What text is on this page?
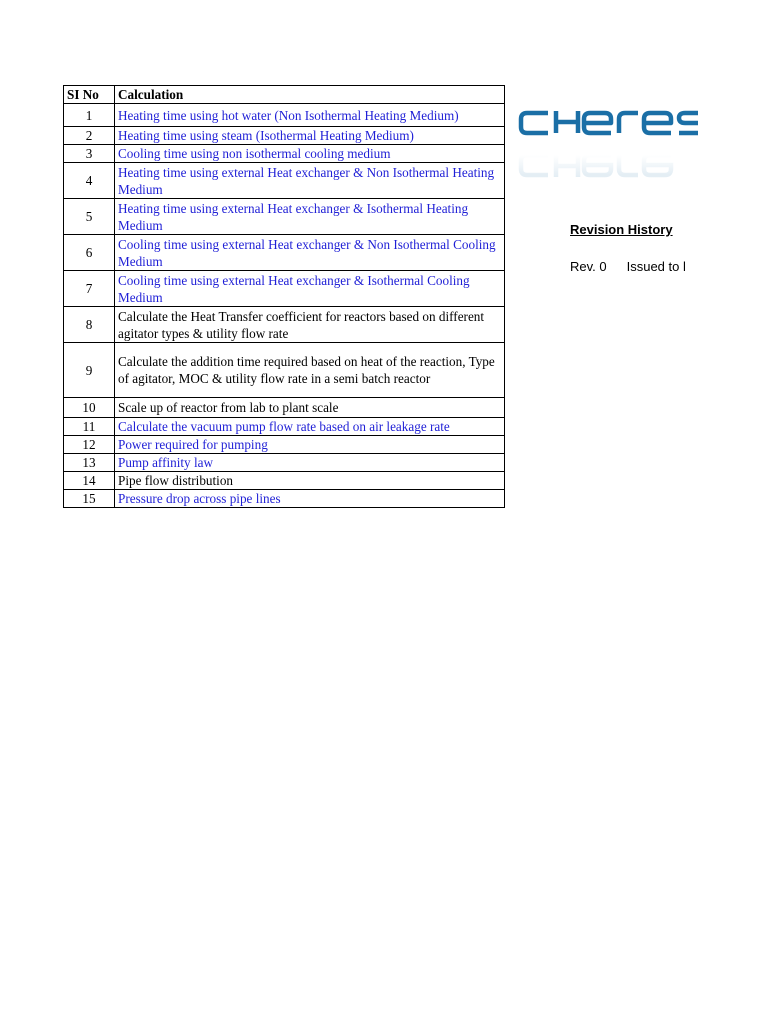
SI No	Calculation
1	Heating time using hot water (Non Isothermal Heating Medium)
2	Heating time using steam (Isothermal Heating Medium)
3	Cooling time using non isothermal cooling medium
4	Heating time using external Heat exchanger & Non Isothermal Heating Medium
5	Heating time using external Heat exchanger & Isothermal Heating Medium
6	Cooling time using external Heat exchanger & Non Isothermal Cooling Medium
7	Cooling time using external Heat exchanger & Isothermal Cooling Medium
8	Calculate the Heat Transfer coefficient for reactors based on different agitator types & utility flow rate
9	Calculate the addition time required based on heat of the reaction, Type of agitator, MOC & utility flow rate in a semi batch reactor
10	Scale up of reactor from lab to plant scale
11	Calculate the vacuum pump flow rate based on air leakage rate
12	Power required for pumping
13	Pump affinity law
14	Pipe flow distribution
15	Pressure drop across pipe lines
Revision History
Rev. 0 Issued to l
